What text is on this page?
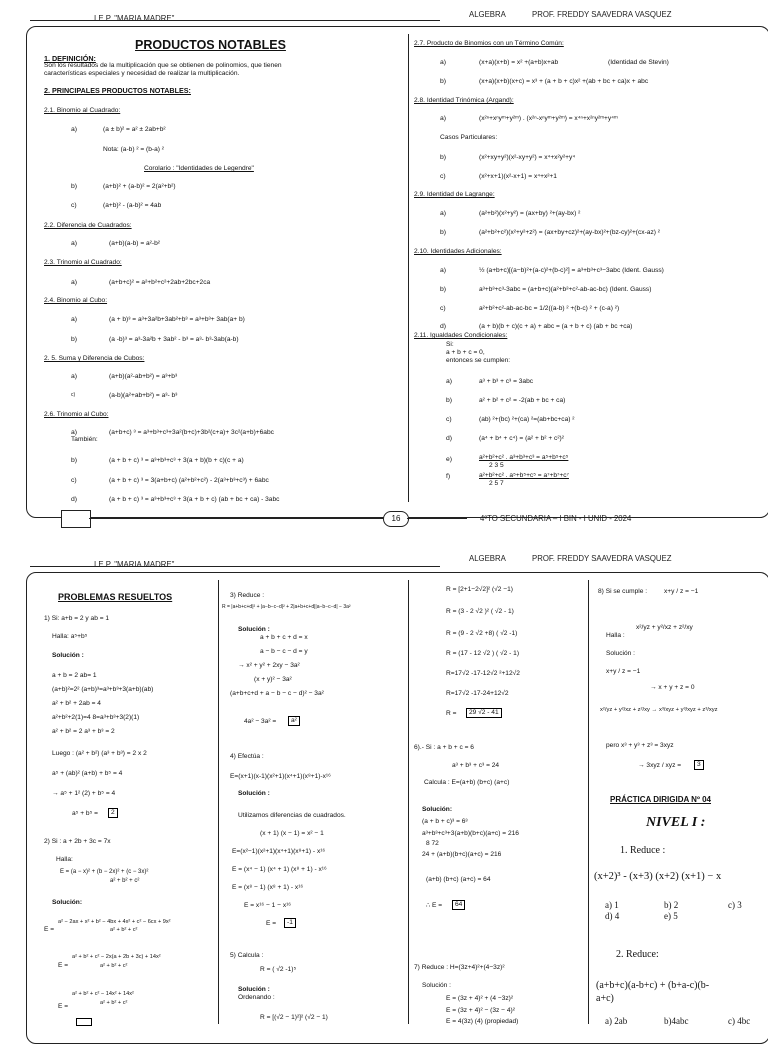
I.E.P. "MARIA MADRE"	ALGEBRA	PROF. FREDDY SAAVEDRA VASQUEZ
PRODUCTOS NOTABLES
1. DEFINICIÓN:
Son los resultados de la multiplicación que se obtienen de polinomios, que tienen
características especiales y necesidad de realizar la multiplicación.
2. PRINCIPALES PRODUCTOS NOTABLES:
2.1. Binomio al Cuadrado:
a)	(a ± b)² = a² ± 2ab+b²
Nota: (a-b) ² = (b-a) ²
Corolario : "Identidades de Legendre"
b)	(a+b)² + (a-b)² = 2(a²+b²)
c)	(a+b)² - (a-b)² = 4ab
2.2. Diferencia de Cuadrados:
a)	(a+b)(a-b) = a²-b²
2.3. Trinomio al Cuadrado:
a)	(a+b+c)² = a²+b²+c²+2ab+2bc+2ca
2.4. Binomio al Cubo:
a)	(a + b)³ = a³+3a²b+3ab²+b³ = a³+b³+ 3ab(a+ b)
b)	(a -b)³ = a³-3a²b + 3ab² - b³ = a³- b³-3ab(a-b)
2. 5. Suma y Diferencia de Cubos:
a)	(a+b)(a²-ab+b²) = a³+b³
c)	(a-b)(a²+ab+b²) = a³- b³
2.6. Trinomio al Cubo:
a)	(a+b+c) ³ = a³+b³+c³+3a²(b+c)+3b²(c+a)+ 3c²(a+b)+6abc
También:
b)	(a + b + c) ³ = a³+b³+c³ + 3(a + b)(b + c)(c + a)
c)	(a + b + c) ³ = 3(a+b+c) (a²+b²+c²) - 2(a³+b³+c³) + 6abc
d)	(a + b + c) ³ = a³+b³+c³ + 3(a + b + c) (ab + bc + ca) - 3abc
2.7. Producto de Binomios con un Término Común:
a)	(x+a)(x+b) = x² +(a+b)x+ab	(Identidad de Stevin)
b)	(x+a)(x+b)(x+c) = x³ + (a + b + c)x² +(ab + bc + ca)x + abc
2.8. Identidad Trinómica (Argand):
a)	(x²ⁿ+xⁿyᵐ+y²ᵐ) . (x²ⁿ-xⁿyᵐ+y²ᵐ) = x⁴ⁿ+x²ⁿy²ᵐ+y⁴ᵐ
Casos Particulares:
b)	(x²+xy+y²)(x²-xy+y²) = x⁴+x²y²+y⁴
c)	(x²+x+1)(x²-x+1) = x⁴+x²+1
2.9. Identidad de Lagrange:
a)	(a²+b²)(x²+y²) = (ax+by) ²+(ay-bx) ²
b)	(a²+b²+c²)(x²+y²+z²) = (ax+by+cz)²+(ay-bx)²+(bz-cy)²+(cx-az) ²
2.10. Identidades Adicionales:
a)	½ (a+b+c)[(a−b)²+(a-c)²+(b-c)²] = a³+b³+c³−3abc (Ident. Gauss)
b)	a³+b³+c³-3abc = (a+b+c)(a²+b²+c²-ab-ac-bc) (Ident. Gauss)
c)	a²+b²+c²-ab-ac-bc = 1/2((a-b) ² +(b-c) ² + (c-a) ²)
d)	(a + b)(b + c)(c + a) + abc = (a + b + c) (ab + bc +ca)
2.11. Igualdades Condicionales:
Si:
a + b + c = 0,
entonces se cumplen:
a)	a³ + b³ + c³ = 3abc
b)	a² + b² + c² = -2(ab + bc + ca)
c)	(ab) ²+(bc) ²+(ca) ²=(ab+bc+ca) ²
d)	(a⁴ + b⁴ + c⁴) = (a² + b² + c²)²
e)	a²+b²+c² . a³+b³+c³ = a⁵+b⁵+c⁵
2 3 5
f)	a²+b²+c² . a⁵+b⁵+c⁵ = a⁷+b⁷+c⁷
2 5 7
16	4ºTO SECUNDARIA – I BIN - I UNID - 2024
I.E.P. "MARIA MADRE"
ALGEBRA	PROF. FREDDY SAAVEDRA VASQUEZ
PROBLEMAS RESUELTOS
1) Si: a+b = 2 y ab = 1
Halla: a⁵+b⁵
Solución :
a + b = 2 ab= 1
(a+b)²=2² (a+b)³=a³+b³+3(a+b)(ab)
a² + b² + 2ab = 4
a²+b²+2(1)=4 8=a³+b³+3(2)(1)
a² + b² = 2 a³ + b³ = 2
Luego : (a² + b²) (a³ + b³) = 2 x 2
a⁵ + (ab)² (a+b) + b⁵ = 4
→ a⁵ + 1² (2) + b⁵ = 4
a⁵ + b⁵ =	2
2) Si : a + 2b + 3c = 7x
Halla:
E = (a − x)² + (b − 2x)² + (c − 3x)²
a² + b² + c²
Solución:
a² − 2ax + x² + b² − 4bx + 4x² + c² − 6cx + 9x²
E =	a² + b² + c²
a² + b² + c² − 2x(a + 2b + 3c) + 14x²
E =	a² + b² + c²
a² + b² + c² − 14x² + 14x²
E =	a² + b² + c²
3) Reduce :
R = |a+b+c+d|² + |a−b−c−d|² + 2|a+b+c+d||a−b−c−d| − 3a²
Solución :
a + b + c + d = x
a − b − c − d = y
→ x² + y² + 2xy − 3a²
(x + y)² − 3a²
(a+b+c+d + a − b − c − d)² − 3a²
4a² − 3a² =	a²
4) Efectúa :
E=(x+1)(x-1)(x²+1)(x⁴+1)(x⁸+1)-x¹⁶
Solución :
Utilizamos diferencias de cuadrados.
(x + 1) (x − 1) = x² − 1
E=(x²−1)(x²+1)(x⁴+1)(x⁸+1) - x¹⁶
E = (x⁴ − 1) (x⁴ + 1) (x⁸ + 1) - x¹⁶
E = (x⁸ − 1) (x⁸ + 1) - x¹⁶
E = x¹⁶ − 1 − x¹⁶
E =	-1
5) Calcula :
R = ( √2 -1)⁵
Solución :
Ordenando :
R = [(√2 − 1)²]² (√2 − 1)
R = [2+1−2√2]² (√2 −1)
R = (3 - 2 √2 )² ( √2 - 1)
R = (9 - 2 √2 +8) ( √2 -1)
R = (17 - 12 √2 ) ( √2 - 1)
R=17√2 -17-12√2 ²+12√2
R=17√2 -17-24+12√2
R =	29 √2 - 41
6).- Si : a + b + c = 6
a³ + b³ + c³ = 24
Calcula : E=(a+b) (b+c) (a+c)
Solución:
(a + b + c)³ = 6³
a³+b³+c³+3(a+b)(b+c)(a+c) = 216
8 72
24 + (a+b)(b+c)(a+c) = 216
(a+b) (b+c) (a+c) = 64
∴ E =	64
7) Reduce : H=(3z+4)²+(4−3z)²
Solución :
E = (3z + 4)² + (4 −3z)²
E = (3z + 4)² − (3z − 4)²
E = 4(3z) (4) (propiedad)
8) Si se cumple :	x+y / z = −1
Halla :
x²/yz + y²/xz + z²/xy
Solución :
x+y / z = −1
→ x + y + z = 0
x²/yz + y²/xz + z²/xy → x³/xyz + y³/xyz + z³/xyz
pero x³ + y³ + z³ = 3xyz
→ 3xyz / xyz =	3
PRÁCTICA DIRIGIDA Nº 04
NIVEL I :
1. Reduce :
(x+2)³ - (x+3) (x+2) (x+1) − x
a) 1	b) 2	c) 3
d) 4	e) 5
2. Reduce:
(a+b+c)(a-b+c) + (b+a-c)(b-
a+c)
a) 2ab	b)4abc	c) 4bc
